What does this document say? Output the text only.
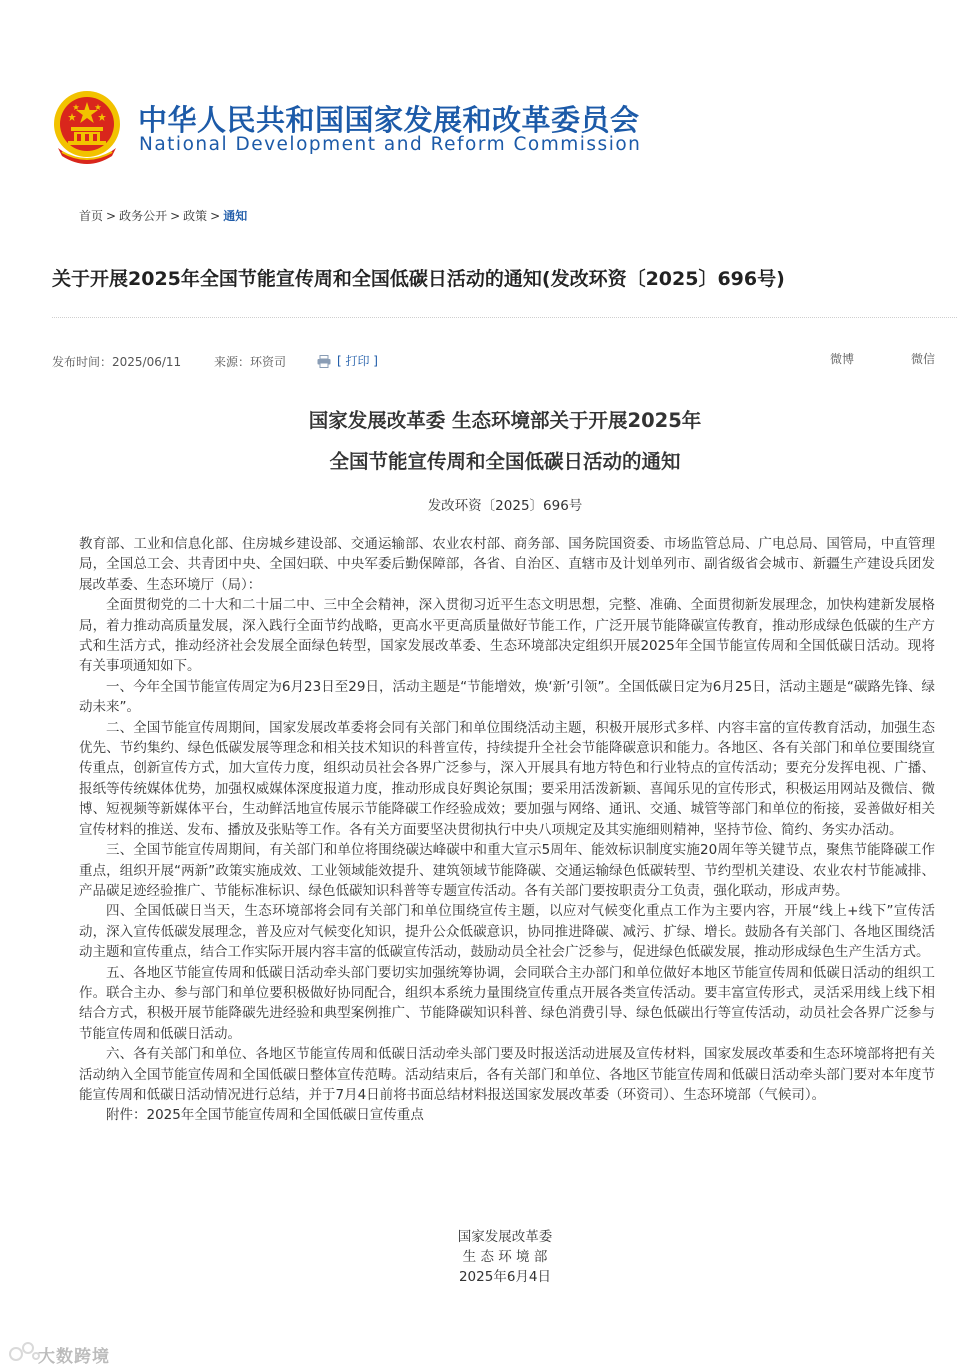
中华人民共和国国家发展和改革委员会

National Development and Reform Commission

首页 > 政务公开 > 政策 > 通知
关于开展2025年全国节能宣传周和全国低碳日活动的通知(发改环资〔2025〕696号)
发布时间：2025/06/11	来源：环资司	[ 打印 ]	微博	微信
国家发展改革委 生态环境部关于开展2025年
全国节能宣传周和全国低碳日活动的通知
发改环资〔2025〕696号

教育部、工业和信息化部、住房城乡建设部、交通运输部、农业农村部、商务部、国务院国资委、市场监管总局、广电总局、国管局，中直管理局，全国总工会、共青团中央、全国妇联、中央军委后勤保障部，各省、自治区、直辖市及计划单列市、副省级省会城市、新疆生产建设兵团发展改革委、生态环境厅（局）：

全面贯彻党的二十大和二十届二中、三中全会精神，深入贯彻习近平生态文明思想，完整、准确、全面贯彻新发展理念，加快构建新发展格局，着力推动高质量发展，深入践行全面节约战略，更高水平更高质量做好节能工作，广泛开展节能降碳宣传教育，推动形成绿色低碳的生产方式和生活方式，推动经济社会发展全面绿色转型，国家发展改革委、生态环境部决定组织开展2025年全国节能宣传周和全国低碳日活动。现将有关事项通知如下。

一、今年全国节能宣传周定为6月23日至29日，活动主题是“节能增效，焕‘新’引领”。全国低碳日定为6月25日，活动主题是“碳路先锋、绿动未来”。

二、全国节能宣传周期间，国家发展改革委将会同有关部门和单位围绕活动主题，积极开展形式多样、内容丰富的宣传教育活动，加强生态优先、节约集约、绿色低碳发展等理念和相关技术知识的科普宣传，持续提升全社会节能降碳意识和能力。各地区、各有关部门和单位要围绕宣传重点，创新宣传方式，加大宣传力度，组织动员社会各界广泛参与，深入开展具有地方特色和行业特点的宣传活动；要充分发挥电视、广播、报纸等传统媒体优势，加强权威媒体深度报道力度，推动形成良好舆论氛围；要采用活泼新颖、喜闻乐见的宣传形式，积极运用网站及微信、微博、短视频等新媒体平台，生动鲜活地宣传展示节能降碳工作经验成效；要加强与网络、通讯、交通、城管等部门和单位的衔接，妥善做好相关宣传材料的推送、发布、播放及张贴等工作。各有关方面要坚决贯彻执行中央八项规定及其实施细则精神，坚持节俭、简约、务实办活动。

三、全国节能宣传周期间，有关部门和单位将围绕碳达峰碳中和重大宣示5周年、能效标识制度实施20周年等关键节点，聚焦节能降碳工作重点，组织开展“两新”政策实施成效、工业领域能效提升、建筑领域节能降碳、交通运输绿色低碳转型、节约型机关建设、农业农村节能减排、产品碳足迹经验推广、节能标准标识、绿色低碳知识科普等专题宣传活动。各有关部门要按职责分工负责，强化联动，形成声势。

四、全国低碳日当天，生态环境部将会同有关部门和单位围绕宣传主题，以应对气候变化重点工作为主要内容，开展“线上+线下”宣传活动，深入宣传低碳发展理念，普及应对气候变化知识，提升公众低碳意识，协同推进降碳、减污、扩绿、增长。鼓励各有关部门、各地区围绕活动主题和宣传重点，结合工作实际开展内容丰富的低碳宣传活动，鼓励动员全社会广泛参与，促进绿色低碳发展，推动形成绿色生产生活方式。

五、各地区节能宣传周和低碳日活动牵头部门要切实加强统筹协调，会同联合主办部门和单位做好本地区节能宣传周和低碳日活动的组织工作。联合主办、参与部门和单位要积极做好协同配合，组织本系统力量围绕宣传重点开展各类宣传活动。要丰富宣传形式，灵活采用线上线下相结合方式，积极开展节能降碳先进经验和典型案例推广、节能降碳知识科普、绿色消费引导、绿色低碳出行等宣传活动，动员社会各界广泛参与节能宣传周和低碳日活动。

六、各有关部门和单位、各地区节能宣传周和低碳日活动牵头部门要及时报送活动进展及宣传材料，国家发展改革委和生态环境部将把有关活动纳入全国节能宣传周和全国低碳日整体宣传范畴。活动结束后，各有关部门和单位、各地区节能宣传周和低碳日活动牵头部门要对本年度节能宣传周和低碳日活动情况进行总结，并于7月4日前将书面总结材料报送国家发展改革委（环资司）、生态环境部（气候司）。

附件：2025年全国节能宣传周和全国低碳日宣传重点

国家发展改革委
生 态 环 境 部
2025年6月4日
大数跨境
